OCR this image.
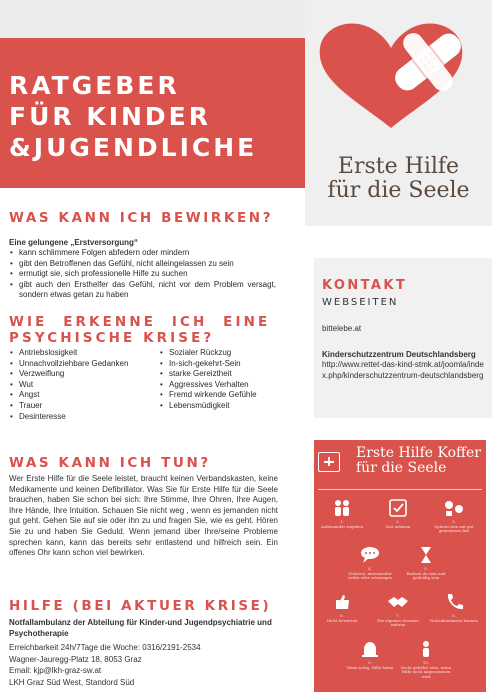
RATGEBER
FÜR KINDER
&JUGENDLICHE
Erste Hilfe
für die Seele
WAS KANN ICH BEWIRKEN?
Eine gelungene „Erstversorgung“
• kann schlimmere Folgen abfedern oder mindern
• gibt den Betroffenen das Gefühl, nicht alleingelassen zu sein
• ermutigt sie, sich professionelle Hilfe zu suchen
• gibt auch den Ersthelfer das Gefühl, nicht vor dem Problem versagt, sondern etwas getan zu haben
WIE ERKENNE ICH EINE
PSYCHISCHE KRISE?
• Antriebslosigkeit
• Unnachvollziehbare Gedanken
• Verzweiflung
• Wut
• Angst
• Trauer
• Desinteresse
• Sozialer Rückzug
• In-sich-gekehrt-Sein
• starke Gereiztheit
• Aggressives Verhalten
• Fremd wirkende Gefühle
• Lebensmüdigkeit
WAS KANN ICH TUN?
Wer Erste Hilfe für die Seele leistet, braucht keinen Verbandskasten, keine Medikamente und keinen Defibrillator. Was Sie für Erste Hilfe für die Seele brauchen, haben Sie schon bei sich: Ihre Stimme, Ihre Ohren, Ihre Augen, Ihre Hände, Ihre Intuition. Schauen Sie nicht weg , wenn es jemanden nicht gut geht. Gehen Sie auf sie oder ihn zu und fragen Sie, wie es geht. Hören Sie zu und haben Sie Geduld. Wenn jemand über Ihre/seine Probleme sprechen kann, kann das bereits sehr entlastend und hilfreich sein. Ein offenes Ohr kann schon viel bewirken.
HILFE (BEI AKTUER KRISE)
Notfallambulanz der Abteilung für Kinder-und Jugendpsychiatrie und Psychotherapie
Erreichbarkeit 24h/7Tage die Woche: 0316/2191-2534
Wagner-Jauregg-Platz 18, 8053 Graz
Email: kjp@lkh-graz-sw.at
LKH Graz Süd West, Standord Süd
KONTAKT
WEBSEITEN
bittelebe.at
Kinderschutzzentrum Deutschlandsberg
http://www.rettet-das-kind-stmk.at/joomla/index.php/kinderschutzzentrum-deutschlandsberg
Erste Hilfe Koffer
für die Seele
1.
Aufeinander zugehen
2.
Zeit nehmen
3.
Spüren sein mit gut gemeintem Rat
4.
Zuhören, miteinander reden oder schweigen
5.
Einfach da sein und geduldig sein
6.
Nicht bewerten
7.
Die eigenen Grenzen wahren
8.
Notrufnummern kennen
9.
Wenn nötig, Hilfe holen
10.
Nicht gebührt sein, wenn Hilfe nicht angenommen wird
